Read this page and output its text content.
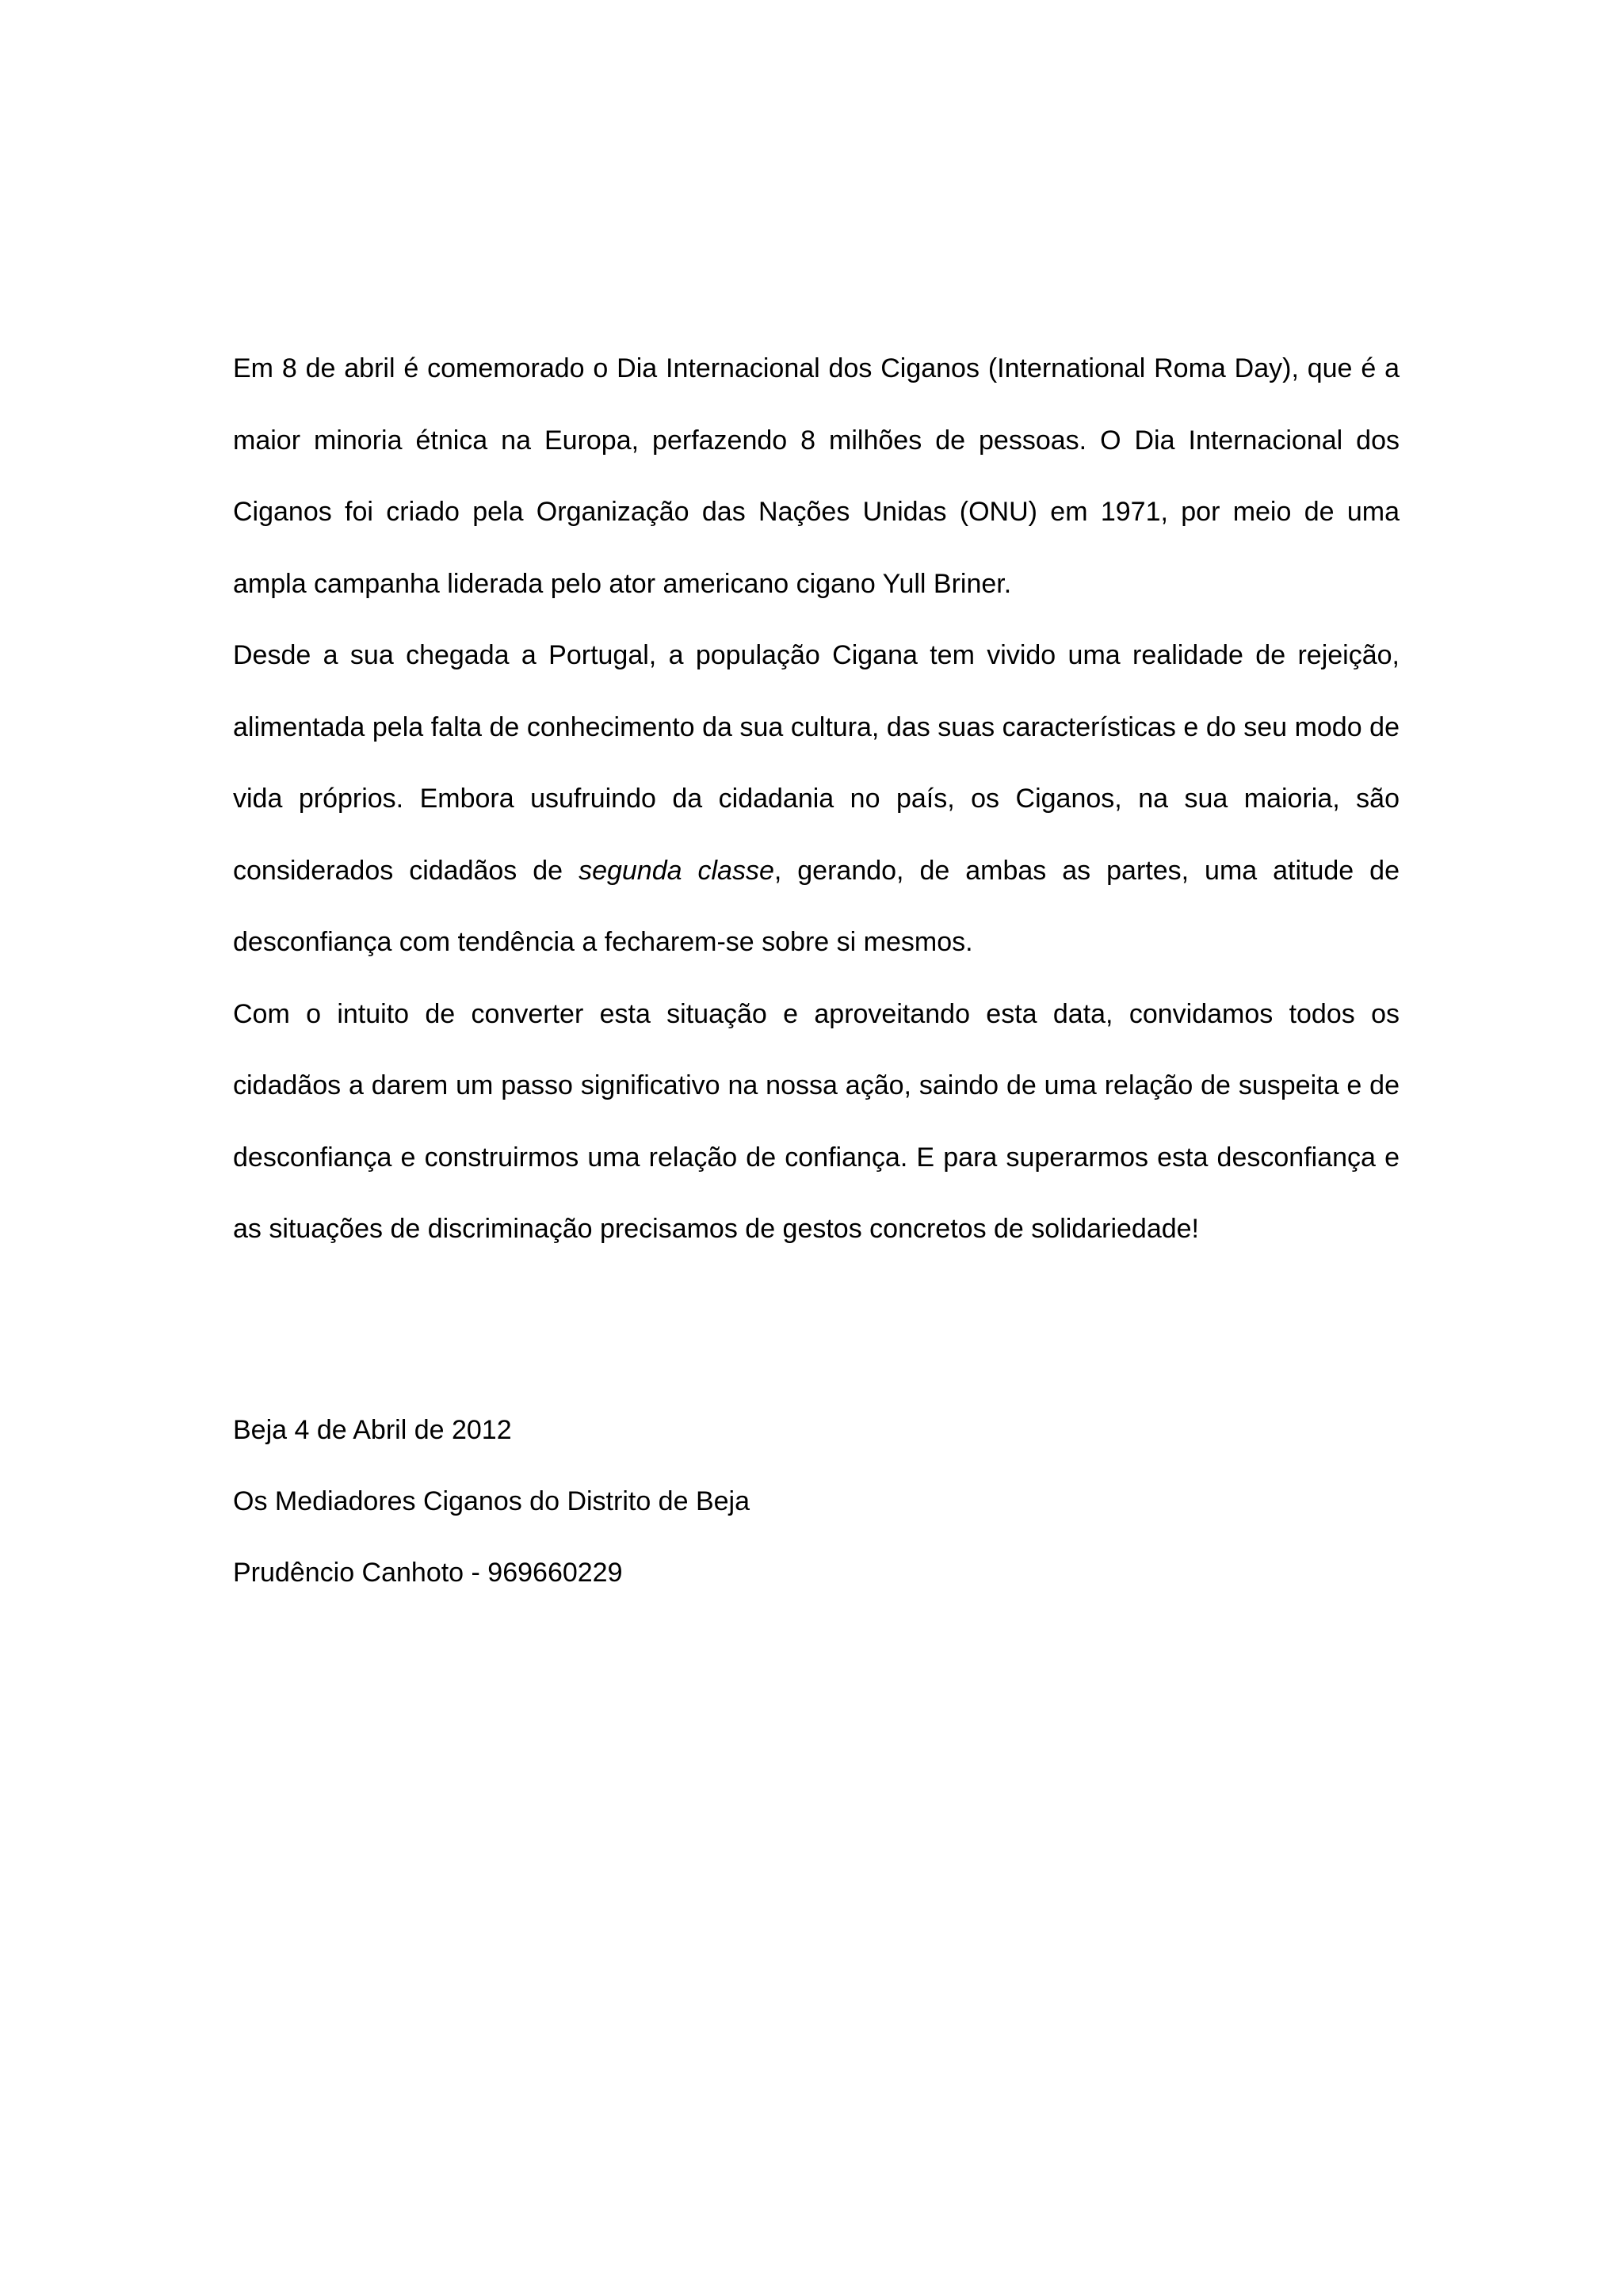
Em 8 de abril é comemorado o Dia Internacional dos Ciganos (International Roma Day), que é a maior minoria étnica na Europa, perfazendo 8 milhões de pessoas. O Dia Internacional dos Ciganos foi criado pela Organização das Nações Unidas (ONU) em 1971, por meio de uma ampla campanha liderada pelo ator americano cigano Yull Briner.

Desde a sua chegada a Portugal, a população Cigana tem vivido uma realidade de rejeição, alimentada pela falta de conhecimento da sua cultura, das suas características e do seu modo de vida próprios. Embora usufruindo da cidadania no país, os Ciganos, na sua maioria, são considerados cidadãos de segunda classe, gerando, de ambas as partes, uma atitude de desconfiança com tendência a fecharem-se sobre si mesmos.

Com o intuito de converter esta situação e aproveitando esta data, convidamos todos os cidadãos a darem um passo significativo na nossa ação, saindo de uma relação de suspeita e de desconfiança e construirmos uma relação de confiança. E para superarmos esta desconfiança e as situações de discriminação precisamos de gestos concretos de solidariedade!

Beja 4 de Abril de 2012

Os Mediadores Ciganos do Distrito de Beja

Prudêncio Canhoto - 969660229
